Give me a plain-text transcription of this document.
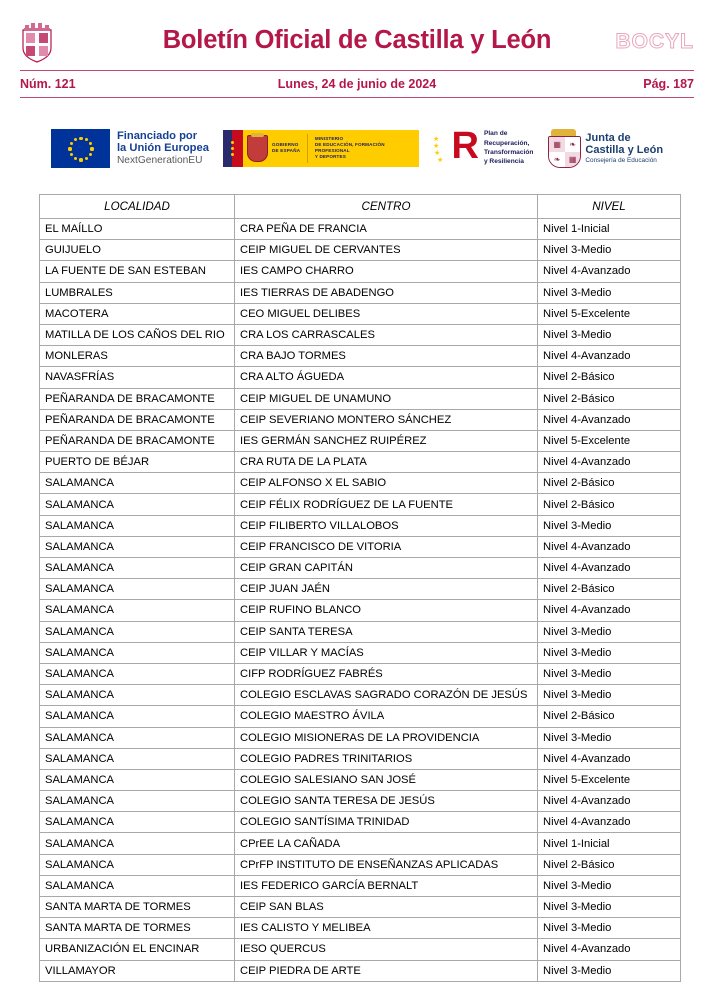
Boletín Oficial de Castilla y León	BOCYL
Núm. 121	Lunes, 24 de junio de 2024	Pág. 187
Financiado por
la Unión Europea
NextGenerationEU
GOBIERNO
DE ESPAÑA
MINISTERIO
DE EDUCACIÓN, FORMACIÓN PROFESIONAL
Y DEPORTES
★
★
★
★ R Plan de
Recuperación,
Transformación
y Resiliencia
▦	❧
❧	▦
Junta de
Castilla y León
Consejería de Educación
LOCALIDAD	CENTRO	NIVEL
EL MAÍLLO	CRA PEÑA DE FRANCIA	Nivel 1-Inicial
GUIJUELO	CEIP MIGUEL DE CERVANTES	Nivel 3-Medio
LA FUENTE DE SAN ESTEBAN	IES CAMPO CHARRO	Nivel 4-Avanzado
LUMBRALES	IES TIERRAS DE ABADENGO	Nivel 3-Medio
MACOTERA	CEO MIGUEL DELIBES	Nivel 5-Excelente
MATILLA DE LOS CAÑOS DEL RIO	CRA LOS CARRASCALES	Nivel 3-Medio
MONLERAS	CRA BAJO TORMES	Nivel 4-Avanzado
NAVASFRÍAS	CRA ALTO ÁGUEDA	Nivel 2-Básico
PEÑARANDA DE BRACAMONTE	CEIP MIGUEL DE UNAMUNO	Nivel 2-Básico
PEÑARANDA DE BRACAMONTE	CEIP SEVERIANO MONTERO SÁNCHEZ	Nivel 4-Avanzado
PEÑARANDA DE BRACAMONTE	IES GERMÁN SANCHEZ RUIPÉREZ	Nivel 5-Excelente
PUERTO DE BÉJAR	CRA RUTA DE LA PLATA	Nivel 4-Avanzado
SALAMANCA	CEIP ALFONSO X EL SABIO	Nivel 2-Básico
SALAMANCA	CEIP FÉLIX RODRÍGUEZ DE LA FUENTE	Nivel 2-Básico
SALAMANCA	CEIP FILIBERTO VILLALOBOS	Nivel 3-Medio
SALAMANCA	CEIP FRANCISCO DE VITORIA	Nivel 4-Avanzado
SALAMANCA	CEIP GRAN CAPITÁN	Nivel 4-Avanzado
SALAMANCA	CEIP JUAN JAÉN	Nivel 2-Básico
SALAMANCA	CEIP RUFINO BLANCO	Nivel 4-Avanzado
SALAMANCA	CEIP SANTA TERESA	Nivel 3-Medio
SALAMANCA	CEIP VILLAR Y MACÍAS	Nivel 3-Medio
SALAMANCA	CIFP RODRÍGUEZ FABRÉS	Nivel 3-Medio
SALAMANCA	COLEGIO ESCLAVAS SAGRADO CORAZÓN DE JESÚS	Nivel 3-Medio
SALAMANCA	COLEGIO MAESTRO ÁVILA	Nivel 2-Básico
SALAMANCA	COLEGIO MISIONERAS DE LA PROVIDENCIA	Nivel 3-Medio
SALAMANCA	COLEGIO PADRES TRINITARIOS	Nivel 4-Avanzado
SALAMANCA	COLEGIO SALESIANO SAN JOSÉ	Nivel 5-Excelente
SALAMANCA	COLEGIO SANTA TERESA DE JESÚS	Nivel 4-Avanzado
SALAMANCA	COLEGIO SANTÍSIMA TRINIDAD	Nivel 4-Avanzado
SALAMANCA	CPrEE LA CAÑADA	Nivel 1-Inicial
SALAMANCA	CPrFP INSTITUTO DE ENSEÑANZAS APLICADAS	Nivel 2-Básico
SALAMANCA	IES FEDERICO GARCÍA BERNALT	Nivel 3-Medio
SANTA MARTA DE TORMES	CEIP SAN BLAS	Nivel 3-Medio
SANTA MARTA DE TORMES	IES CALISTO Y MELIBEA	Nivel 3-Medio
URBANIZACIÓN EL ENCINAR	IESO QUERCUS	Nivel 4-Avanzado
VILLAMAYOR	CEIP PIEDRA DE ARTE	Nivel 3-Medio
